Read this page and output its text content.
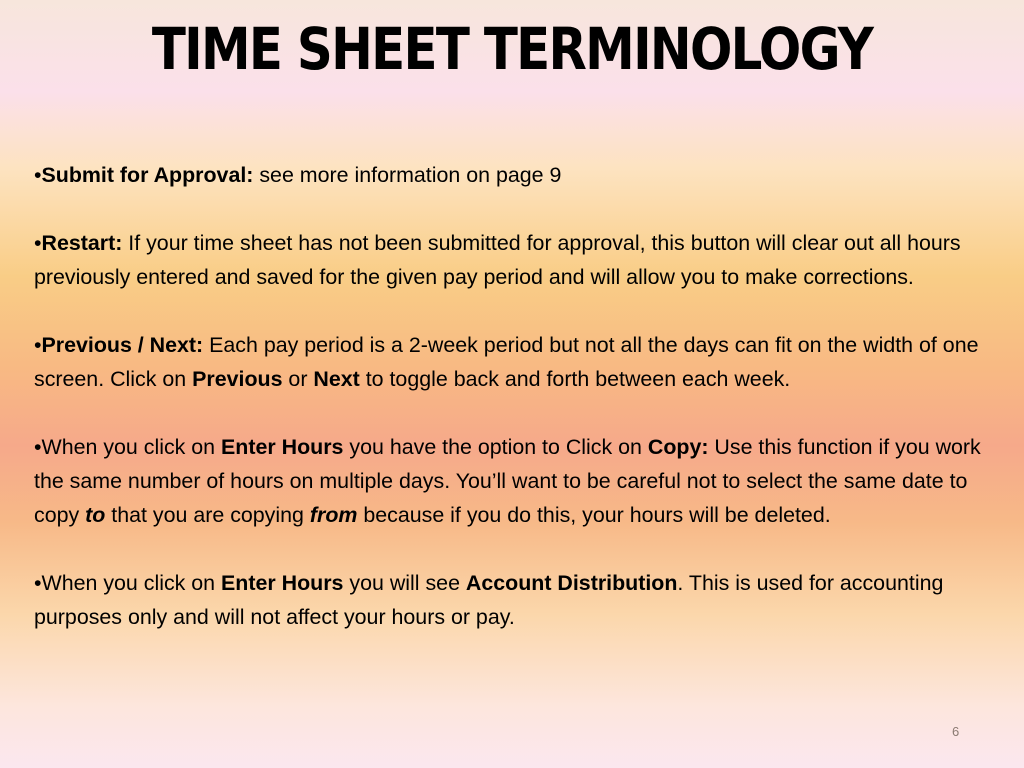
TIME SHEET TERMINOLOGY

•Submit for Approval: see more information on page 9

•Restart: If your time sheet has not been submitted for approval, this button will clear out all hours previously entered and saved for the given pay period and will allow you to make corrections.

•Previous / Next: Each pay period is a 2-week period but not all the days can fit on the width of one screen. Click on Previous or Next to toggle back and forth between each week.

•When you click on Enter Hours you have the option to Click on Copy: Use this function if you work the same number of hours on multiple days. You’ll want to be careful not to select the same date to copy to that you are copying from because if you do this, your hours will be deleted.

•When you click on Enter Hours you will see Account Distribution. This is used for accounting purposes only and will not affect your hours or pay.

6
